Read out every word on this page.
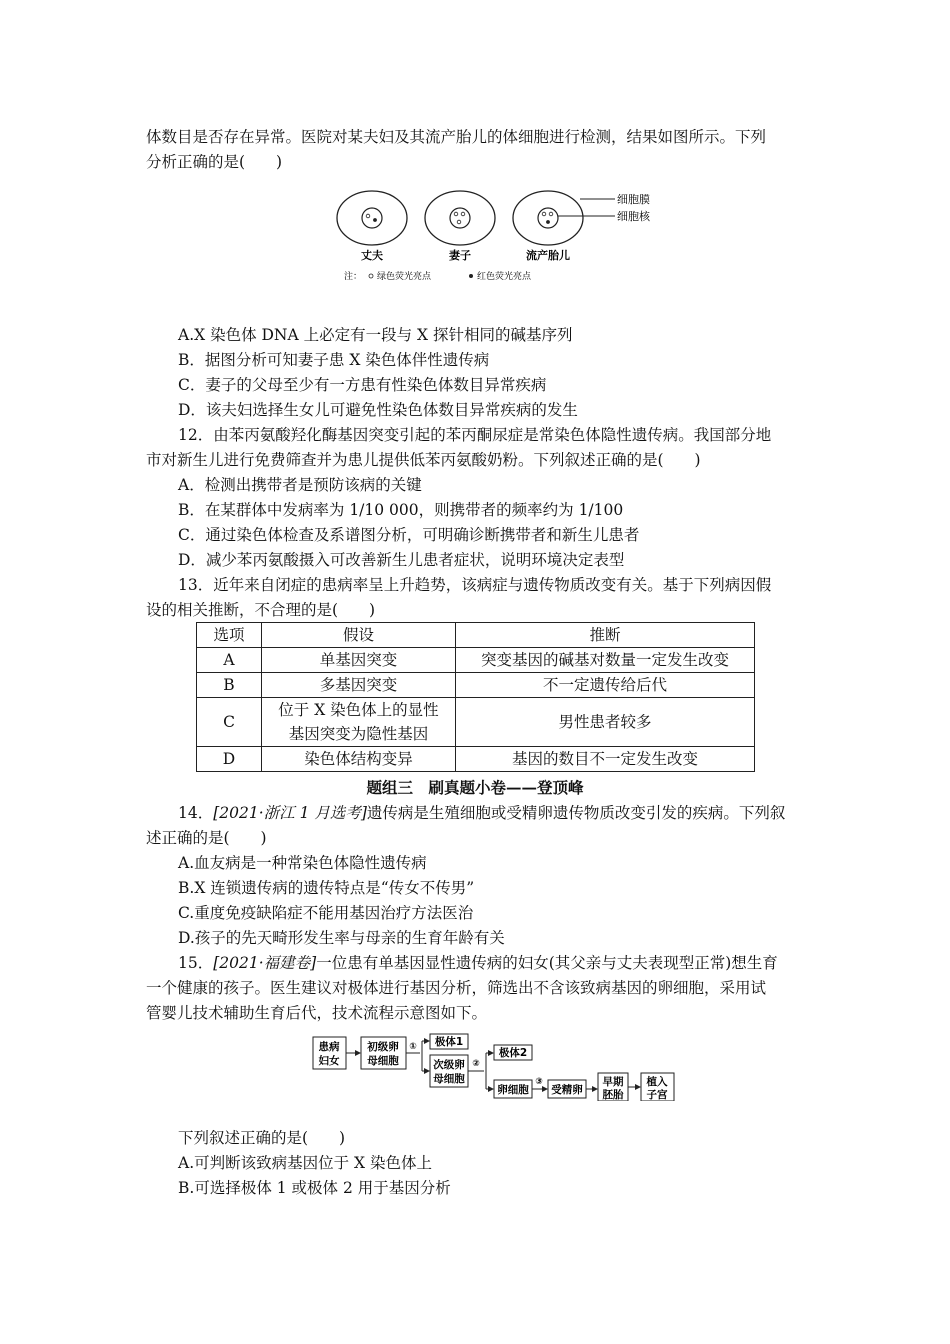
体数目是否存在异常。医院对某夫妇及其流产胎儿的体细胞进行检测，结果如图所示。下列
分析正确的是(　　)
细胞膜
细胞核
丈夫	妻子	流产胎儿
注： 绿色荧光亮点	红色荧光亮点
A.X 染色体 DNA 上必定有一段与 X 探针相同的碱基序列
B．据图分析可知妻子患 X 染色体伴性遗传病
C．妻子的父母至少有一方患有性染色体数目异常疾病
D．该夫妇选择生女儿可避免性染色体数目异常疾病的发生
12．由苯丙氨酸羟化酶基因突变引起的苯丙酮尿症是常染色体隐性遗传病。我国部分地
市对新生儿进行免费筛查并为患儿提供低苯丙氨酸奶粉。下列叙述正确的是(　　)
A．检测出携带者是预防该病的关键
B．在某群体中发病率为 1/10 000，则携带者的频率约为 1/100
C．通过染色体检查及系谱图分析，可明确诊断携带者和新生儿患者
D．减少苯丙氨酸摄入可改善新生儿患者症状，说明环境决定表型
13．近年来自闭症的患病率呈上升趋势，该病症与遗传物质改变有关。基于下列病因假
设的相关推断，不合理的是(　　)
选项	假设	推断
A	单基因突变	突变基因的碱基对数量一定发生改变
B	多基因突变	不一定遗传给后代
C	位于 X 染色体上的显性
基因突变为隐性基因	男性患者较多
D	染色体结构变异	基因的数目不一定发生改变
题组三　刷真题小卷——登顶峰
14．[2021·浙江 1 月选考]遗传病是生殖细胞或受精卵遗传物质改变引发的疾病。下列叙
述正确的是(　　)
A.血友病是一种常染色体隐性遗传病
B.X 连锁遗传病的遗传特点是“传女不传男”
C.重度免疫缺陷症不能用基因治疗方法医治
D.孩子的先天畸形发生率与母亲的生育年龄有关
15．[2021·福建卷]一位患有单基因显性遗传病的妇女(其父亲与丈夫表现型正常)想生育
一个健康的孩子。医生建议对极体进行基因分析，筛选出不含该致病基因的卵细胞，采用试
管婴儿技术辅助生育后代，技术流程示意图如下。
患病
妇女
初级卵
母细胞
① 极体1
次级卵
母细胞
②
极体2
卵细胞
③
受精卵
早期
胚胎
植入
子宫
下列叙述正确的是(　　)
A.可判断该致病基因位于 X 染色体上
B.可选择极体 1 或极体 2 用于基因分析
